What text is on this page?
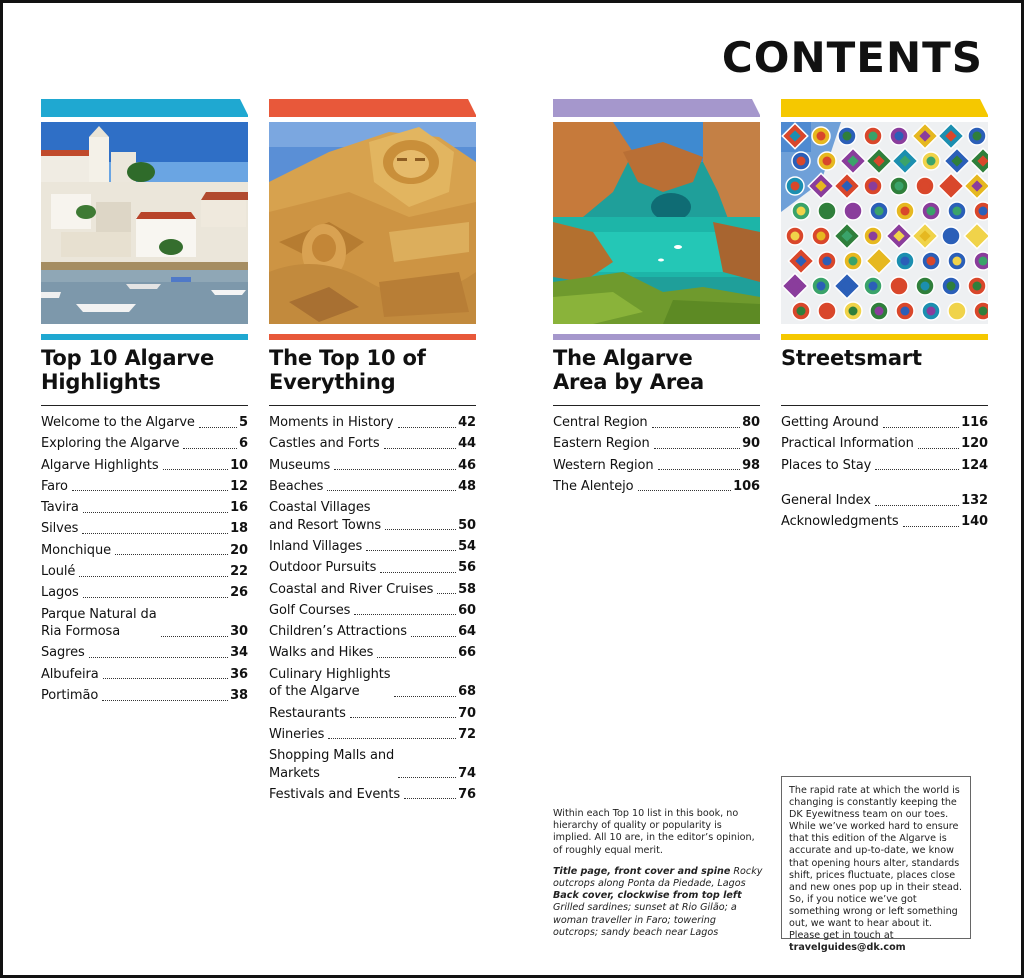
CONTENTS
Top 10 Algarve
Highlights
Welcome to the Algarve	5
Exploring the Algarve	6
Algarve Highlights	10
Faro	12
Tavira	16
Silves	18
Monchique	20
Loulé	22
Lagos	26
Parque Natural da
Ria Formosa	30
Sagres	34
Albufeira	36
Portimão	38
The Top 10 of
Everything
Moments in History	42
Castles and Forts	44
Museums	46
Beaches	48
Coastal Villages
and Resort Towns	50
Inland Villages	54
Outdoor Pursuits	56
Coastal and River Cruises 58
Golf Courses	60
Children’s Attractions	64
Walks and Hikes	66
Culinary Highlights
of the Algarve	68
Restaurants	70
Wineries	72
Shopping Malls and
Markets	74
Festivals and Events	76
The Algarve
Area by Area
Central Region	80
Eastern Region	90
Western Region	98
The Alentejo	106
Streetsmart
Getting Around	116
Practical Information	120
Places to Stay	124
General Index	132
Acknowledgments	140

Within each Top 10 list in this book, no hierarchy of quality or popularity is implied. All 10 are, in the editor’s opinion, of roughly equal merit.

Title page, front cover and spine Rocky outcrops along Ponta da Piedade, Lagos
Back cover, clockwise from top left Grilled sardines; sunset at Rio Gilão; a woman traveller in Faro; towering outcrops; sandy beach near Lagos

The rapid rate at which the world is changing is constantly keeping the DK Eyewitness team on our toes. While we’ve worked hard to ensure that this edition of the Algarve is accurate and up-to-date, we know that opening hours alter, standards shift, prices fluctuate, places close and new ones pop up in their stead. So, if you notice we’ve got something wrong or left something out, we want to hear about it. Please get in touch at travelguides@dk.com
